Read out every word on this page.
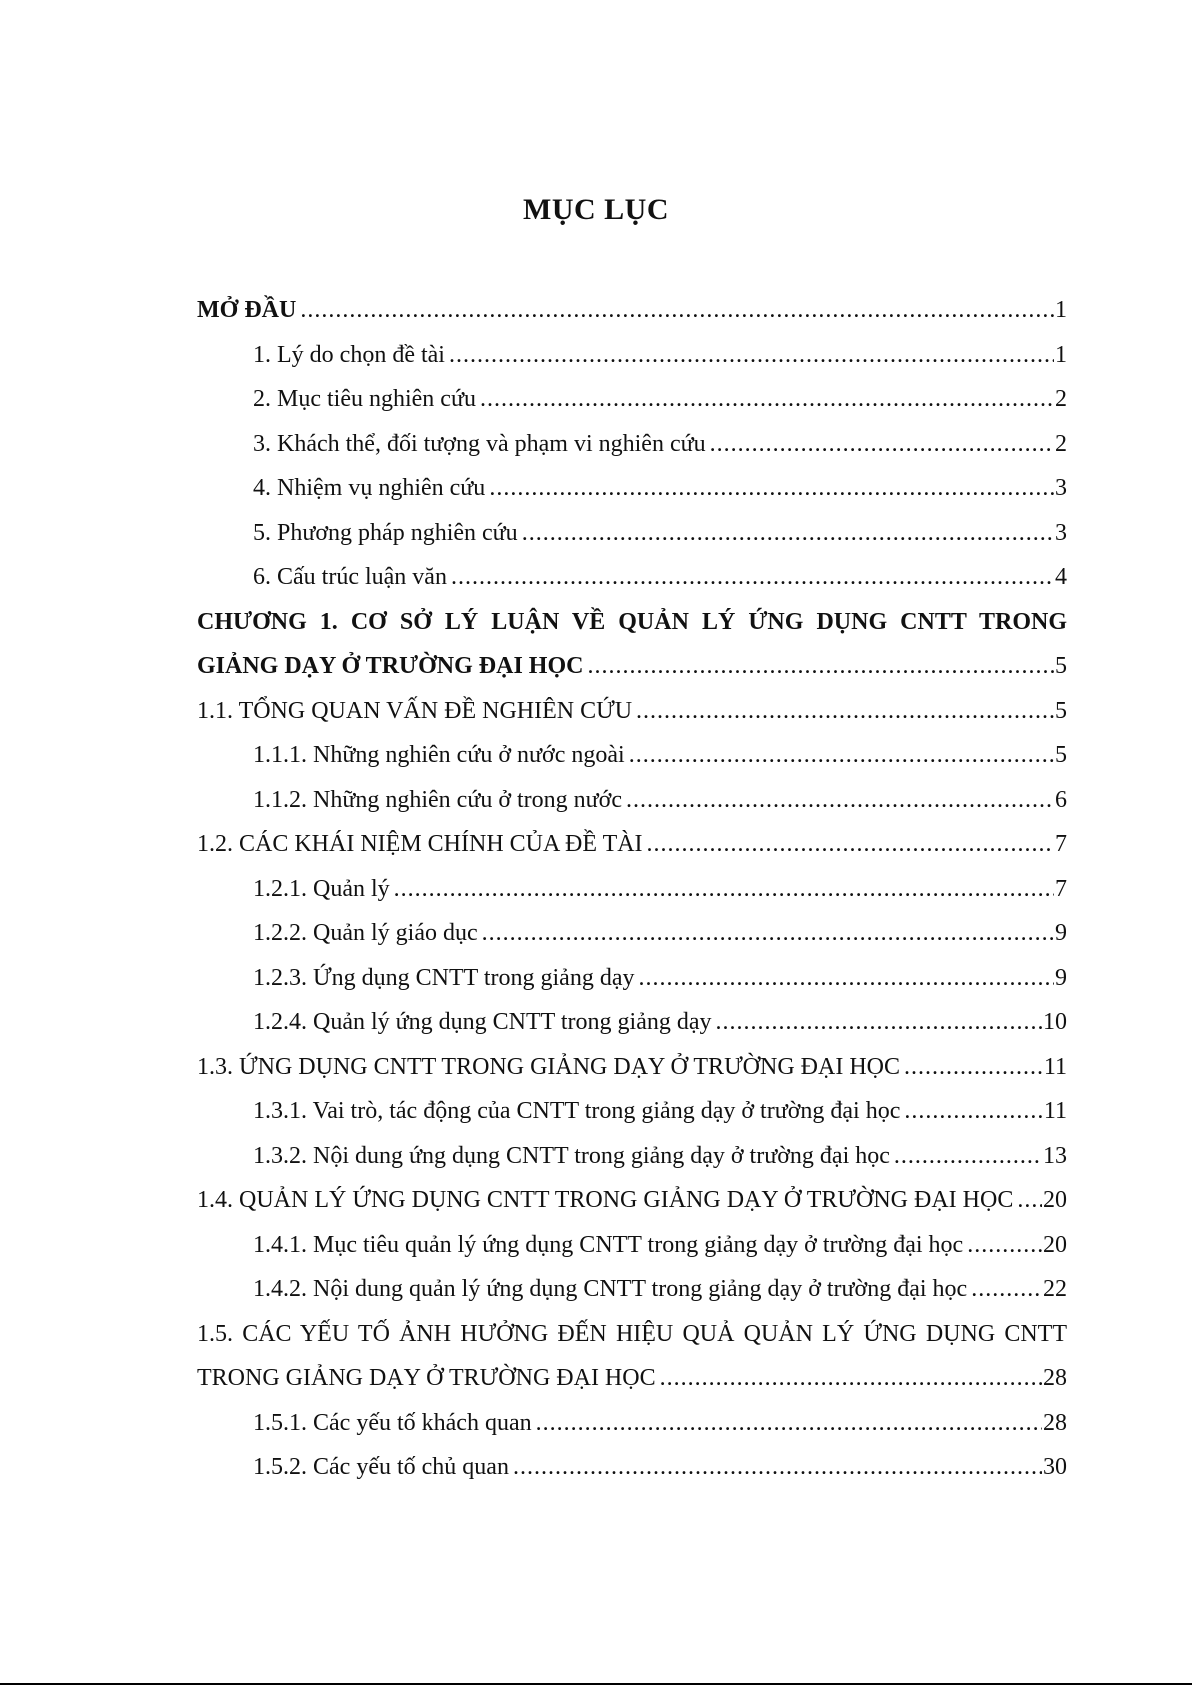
MỤC LỤC
MỞ ĐẦU .....	1
1. Lý do chọn đề tài .....	1
2. Mục tiêu nghiên cứu .....	2
3. Khách thể, đối tượng và phạm vi nghiên cứu .....	2
4. Nhiệm vụ nghiên cứu .....	3
5. Phương pháp nghiên cứu .....	3
6. Cấu trúc luận văn .....	4
CHƯƠNG 1. CƠ SỞ LÝ LUẬN VỀ QUẢN LÝ ỨNG DỤNG CNTT TRONG
GIẢNG DẠY Ở TRƯỜNG ĐẠI HỌC .....	5
1.1. TỔNG QUAN VẤN ĐỀ NGHIÊN CỨU .....	5
1.1.1. Những nghiên cứu ở nước ngoài .....	5
1.1.2. Những nghiên cứu ở trong nước .....	6
1.2. CÁC KHÁI NIỆM CHÍNH CỦA ĐỀ TÀI .....	7
1.2.1. Quản lý .....	7
1.2.2. Quản lý giáo dục .....	9
1.2.3. Ứng dụng CNTT trong giảng dạy .....	9
1.2.4. Quản lý ứng dụng CNTT trong giảng dạy .....	10
1.3. ỨNG DỤNG CNTT TRONG GIẢNG DẠY Ở TRƯỜNG ĐẠI HỌC .....	11
1.3.1. Vai trò, tác động của CNTT trong giảng dạy ở trường đại học .....	11
1.3.2. Nội dung ứng dụng CNTT trong giảng dạy ở trường đại học .....	13
1.4. QUẢN LÝ ỨNG DỤNG CNTT TRONG GIẢNG DẠY Ở TRƯỜNG ĐẠI HỌC ..... 20
1.4.1. Mục tiêu quản lý ứng dụng CNTT trong giảng dạy ở trường đại học .....	20
1.4.2. Nội dung quản lý ứng dụng CNTT trong giảng dạy ở trường đại học .....	22
1.5. CÁC YẾU TỐ ẢNH HƯỞNG ĐẾN HIỆU QUẢ QUẢN LÝ ỨNG DỤNG CNTT
TRONG GIẢNG DẠY Ở TRƯỜNG ĐẠI HỌC .....	28
1.5.1. Các yếu tố khách quan .....	28
1.5.2. Các yếu tố chủ quan .....	30
